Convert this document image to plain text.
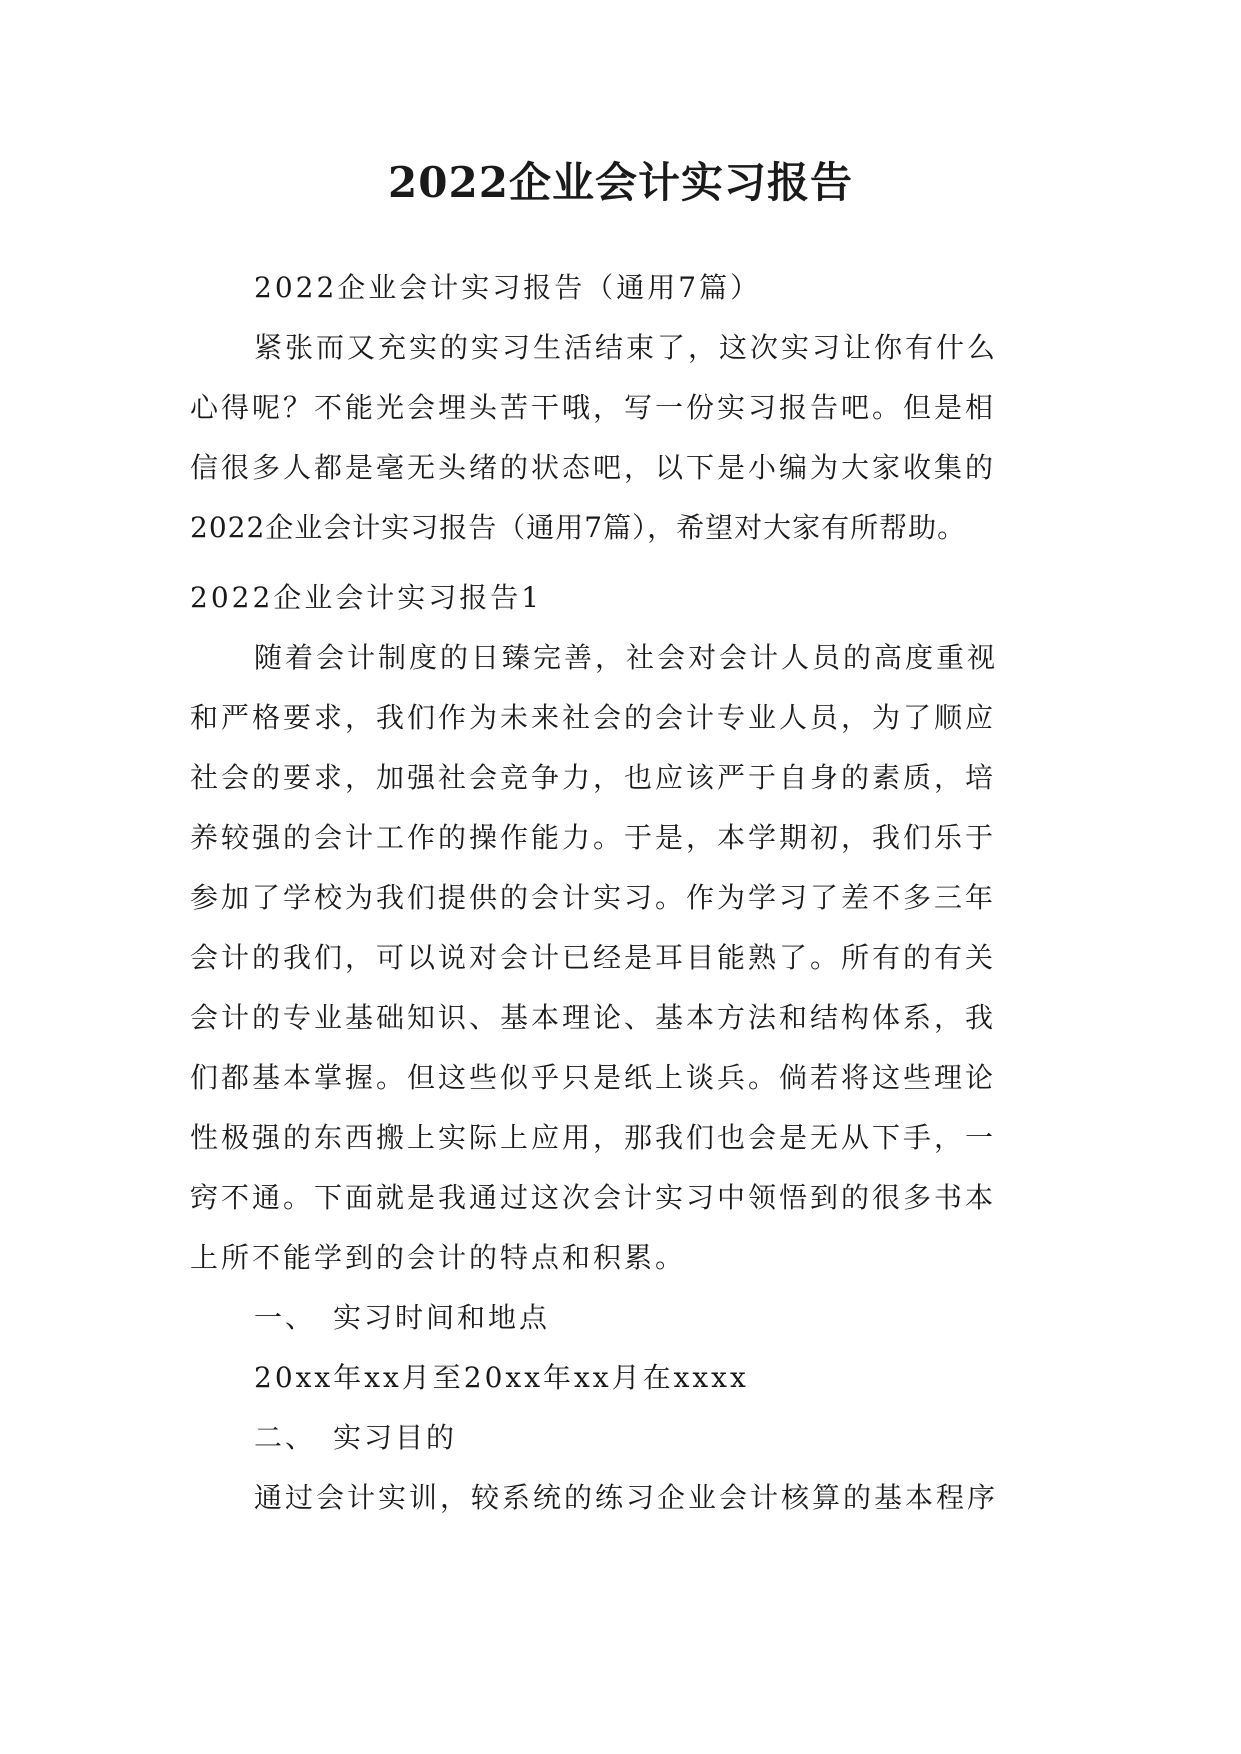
2022企业会计实习报告
2022企业会计实习报告（通用7篇）
紧张而又充实的实习生活结束了，这次实习让你有什么
心得呢？不能光会埋头苦干哦，写一份实习报告吧。但是相
信很多人都是毫无头绪的状态吧，以下是小编为大家收集的
2022企业会计实习报告（通用7篇），希望对大家有所帮助。
2022企业会计实习报告1
随着会计制度的日臻完善，社会对会计人员的高度重视
和严格要求，我们作为未来社会的会计专业人员，为了顺应
社会的要求，加强社会竞争力，也应该严于自身的素质，培
养较强的会计工作的操作能力。于是，本学期初，我们乐于
参加了学校为我们提供的会计实习。作为学习了差不多三年
会计的我们，可以说对会计已经是耳目能熟了。所有的有关
会计的专业基础知识、基本理论、基本方法和结构体系，我
们都基本掌握。但这些似乎只是纸上谈兵。倘若将这些理论
性极强的东西搬上实际上应用，那我们也会是无从下手，一
窍不通。下面就是我通过这次会计实习中领悟到的很多书本
上所不能学到的会计的特点和积累。
一、　实习时间和地点
20xx年xx月至20xx年xx月在xxxx
二、　实习目的
通过会计实训，较系统的练习企业会计核算的基本程序
